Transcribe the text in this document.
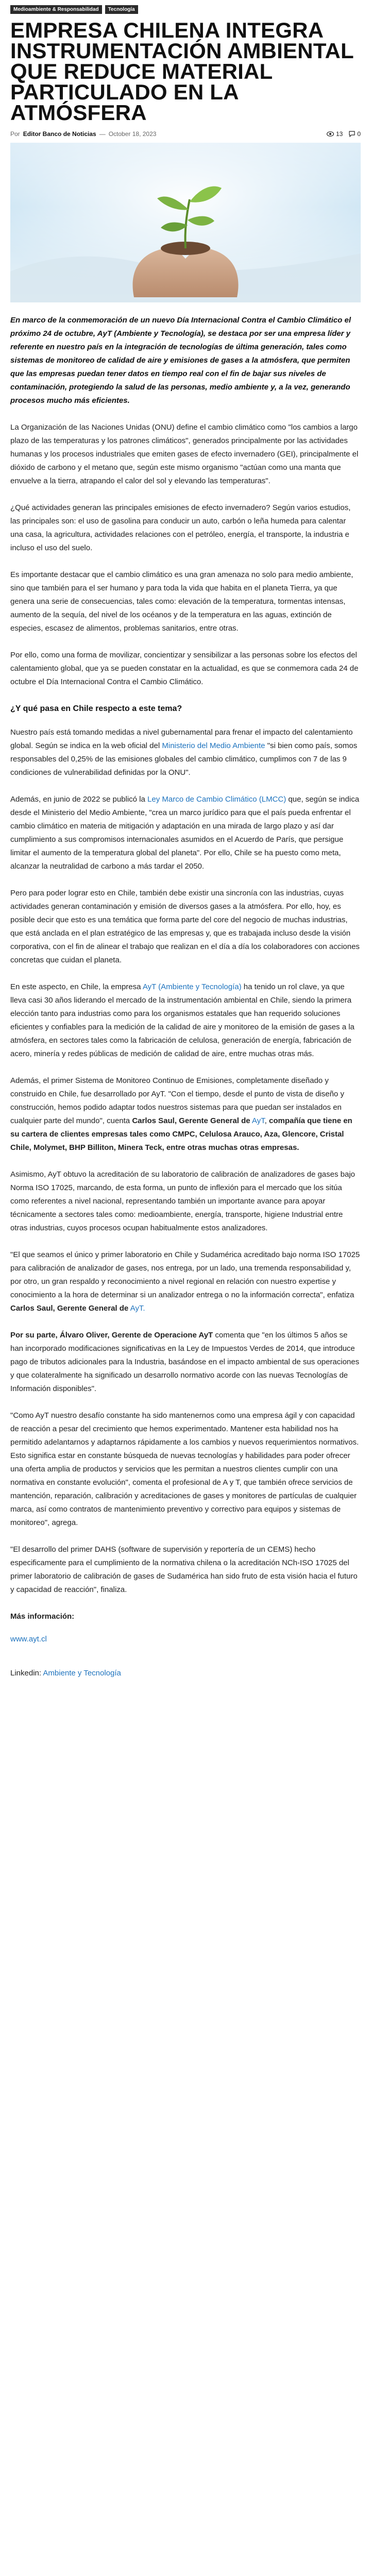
Medioambiente & Responsabilidad	Tecnología
EMPRESA CHILENA INTEGRA INSTRUMENTACIÓN AMBIENTAL QUE REDUCE MATERIAL PARTICULADO EN LA ATMÓSFERA
Por Editor Banco de Noticias — October 18, 2023	13 0

En marco de la conmemoración de un nuevo Día Internacional Contra el Cambio Climático el próximo 24 de octubre, AyT (Ambiente y Tecnología), se destaca por ser una empresa líder y referente en nuestro país en la integración de tecnologías de última generación, tales como sistemas de monitoreo de calidad de aire y emisiones de gases a la atmósfera, que permiten que las empresas puedan tener datos en tiempo real con el fin de bajar sus niveles de contaminación, protegiendo la salud de las personas, medio ambiente y, a la vez, generando procesos mucho más eficientes.

La Organización de las Naciones Unidas (ONU) define el cambio climático como "los cambios a largo plazo de las temperaturas y los patrones climáticos", generados principalmente por las actividades humanas y los procesos industriales que emiten gases de efecto invernadero (GEI), principalmente el dióxido de carbono y el metano que, según este mismo organismo "actúan como una manta que envuelve a la tierra, atrapando el calor del sol y elevando las temperaturas".

¿Qué actividades generan las principales emisiones de efecto invernadero? Según varios estudios, las principales son: el uso de gasolina para conducir un auto, carbón o leña humeda para calentar una casa, la agricultura, actividades relaciones con el petróleo, energía, el transporte, la industria e incluso el uso del suelo.

Es importante destacar que el cambio climático es una gran amenaza no solo para medio ambiente, sino que también para el ser humano y para toda la vida que habita en el planeta Tierra, ya que genera una serie de consecuencias, tales como: elevación de la temperatura, tormentas intensas, aumento de la sequía, del nivel de los océanos y de la temperatura en las aguas, extinción de especies, escasez de alimentos, problemas sanitarios, entre otras.

Por ello, como una forma de movilizar, concientizar y sensibilizar a las personas sobre los efectos del calentamiento global, que ya se pueden constatar en la actualidad, es que se conmemora cada 24 de octubre el Día Internacional Contra el Cambio Climático.

¿Y qué pasa en Chile respecto a este tema?

Nuestro país está tomando medidas a nivel gubernamental para frenar el impacto del calentamiento global. Según se indica en la web oficial del Ministerio del Medio Ambiente "si bien como país, somos responsables del 0,25% de las emisiones globales del cambio climático, cumplimos con 7 de las 9 condiciones de vulnerabilidad definidas por la ONU".

Además, en junio de 2022 se publicó la Ley Marco de Cambio Climático (LMCC) que, según se indica desde el Ministerio del Medio Ambiente, "crea un marco jurídico para que el país pueda enfrentar el cambio climático en materia de mitigación y adaptación en una mirada de largo plazo y así dar cumplimiento a sus compromisos internacionales asumidos en el Acuerdo de París, que persigue limitar el aumento de la temperatura global del planeta". Por ello, Chile se ha puesto como meta, alcanzar la neutralidad de carbono a más tardar el 2050.

Pero para poder lograr esto en Chile, también debe existir una sincronía con las industrias, cuyas actividades generan contaminación y emisión de diversos gases a la atmósfera. Por ello, hoy, es posible decir que esto es una temática que forma parte del core del negocio de muchas industrias, que está anclada en el plan estratégico de las empresas y, que es trabajada incluso desde la visión corporativa, con el fin de alinear el trabajo que realizan en el día a día los colaboradores con acciones concretas que cuidan el planeta.

En este aspecto, en Chile, la empresa AyT (Ambiente y Tecnología) ha tenido un rol clave, ya que lleva casi 30 años liderando el mercado de la instrumentación ambiental en Chile, siendo la primera elección tanto para industrias como para los organismos estatales que han requerido soluciones eficientes y confiables para la medición de la calidad de aire y monitoreo de la emisión de gases a la atmósfera, en sectores tales como la fabricación de celulosa, generación de energía, fabricación de acero, minería y redes públicas de medición de calidad de aire, entre muchas otras más.

Además, el primer Sistema de Monitoreo Continuo de Emisiones, completamente diseñado y construido en Chile, fue desarrollado por AyT. "Con el tiempo, desde el punto de vista de diseño y construcción, hemos podido adaptar todos nuestros sistemas para que puedan ser instalados en cualquier parte del mundo", cuenta Carlos Saul, Gerente General de AyT, compañía que tiene en su cartera de clientes empresas tales como CMPC, Celulosa Arauco, Aza, Glencore, Cristal Chile, Molymet, BHP Billiton, Minera Teck, entre otras muchas otras empresas.

Asimismo, AyT obtuvo la acreditación de su laboratorio de calibración de analizadores de gases bajo Norma ISO 17025, marcando, de esta forma, un punto de inflexión para el mercado que los sitúa como referentes a nivel nacional, representando también un importante avance para apoyar técnicamente a sectores tales como: medioambiente, energía, transporte, higiene Industrial entre otras industrias, cuyos procesos ocupan habitualmente estos analizadores.

"El que seamos el único y primer laboratorio en Chile y Sudamérica acreditado bajo norma ISO 17025 para calibración de analizador de gases, nos entrega, por un lado, una tremenda responsabilidad y, por otro, un gran respaldo y reconocimiento a nivel regional en relación con nuestro expertise y conocimiento a la hora de determinar si un analizador entrega o no la información correcta", enfatiza Carlos Saul, Gerente General de AyT.

Por su parte, Álvaro Oliver, Gerente de Operacione AyT comenta que "en los últimos 5 años se han incorporado modificaciones significativas en la Ley de Impuestos Verdes de 2014, que introduce pago de tributos adicionales para la Industria, basándose en el impacto ambiental de sus operaciones y que colateralmente ha significado un desarrollo normativo acorde con las nuevas Tecnologías de Información disponibles".

"Como AyT nuestro desafío constante ha sido mantenernos como una empresa ágil y con capacidad de reacción a pesar del crecimiento que hemos experimentado. Mantener esta habilidad nos ha permitido adelantarnos y adaptarnos rápidamente a los cambios y nuevos requerimientos normativos. Esto significa estar en constante búsqueda de nuevas tecnologías y habilidades para poder ofrecer una oferta amplia de productos y servicios que les permitan a nuestros clientes cumplir con una normativa en constante evolución", comenta el profesional de A y T, que también ofrece servicios de mantención, reparación, calibración y acreditaciones de gases y monitores de partículas de cualquier marca, así como contratos de mantenimiento preventivo y correctivo para equipos y sistemas de monitoreo", agrega.

"El desarrollo del primer DAHS (software de supervisión y reportería de un CEMS) hecho especificamente para el cumplimiento de la normativa chilena o la acreditación NCh-ISO 17025 del primer laboratorio de calibración de gases de Sudamérica han sido fruto de esta visión hacia el futuro y capacidad de reacción", finaliza.

Más información:
www.ayt.cl
Linkedin: Ambiente y Tecnología
